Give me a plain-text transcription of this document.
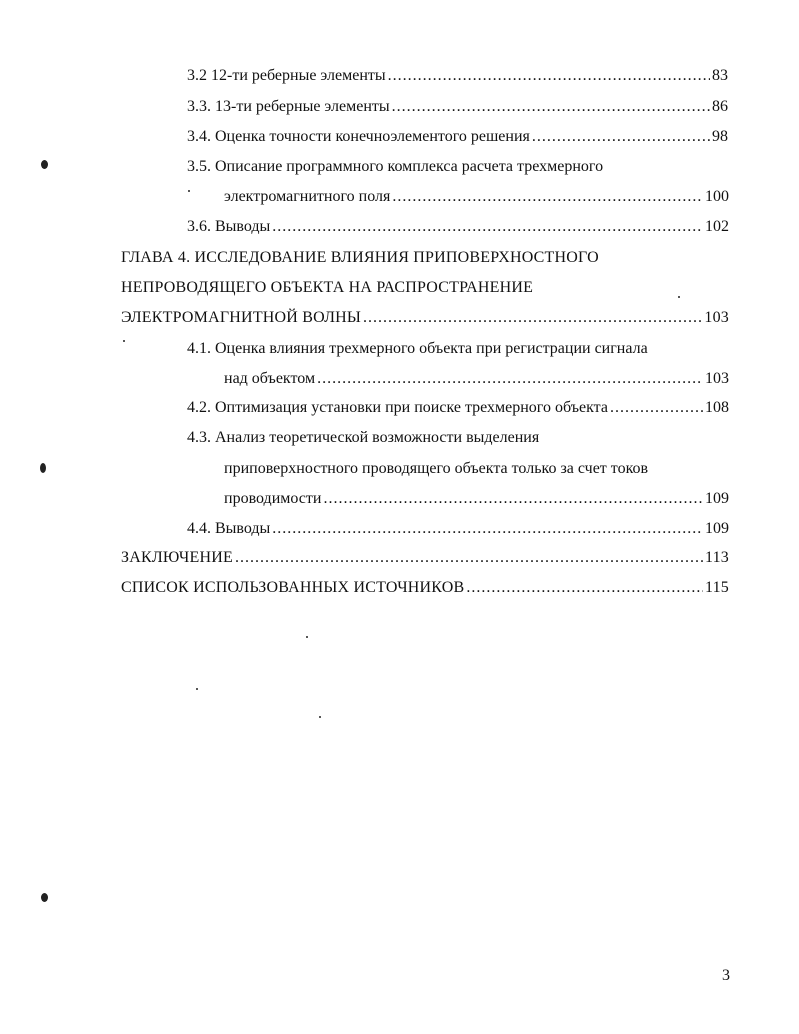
3.2 12-ти реберные элементы .....	83
3.3. 13-ти реберные элементы .....	86
3.4. Оценка точности конечноэлементого решения .....	98
3.5. Описание программного комплекса расчета трехмерного
электромагнитного поля .....	100
3.6. Выводы .....	102
ГЛАВА 4. ИССЛЕДОВАНИЕ ВЛИЯНИЯ ПРИПОВЕРХНОСТНОГО
НЕПРОВОДЯЩЕГО ОБЪЕКТА НА РАСПРОСТРАНЕНИЕ
ЭЛЕКТРОМАГНИТНОЙ ВОЛНЫ .....	103
4.1. Оценка влияния трехмерного объекта при регистрации сигнала
над объектом .....	103
4.2. Оптимизация установки при поиске трехмерного объекта .....	108
4.3. Анализ теоретической возможности выделения
приповерхностного проводящего объекта только за счет токов
проводимости .....	109
4.4. Выводы .....	109
ЗАКЛЮЧЕНИЕ .....	113
СПИСОК ИСПОЛЬЗОВАННЫХ ИСТОЧНИКОВ .....	115
3
